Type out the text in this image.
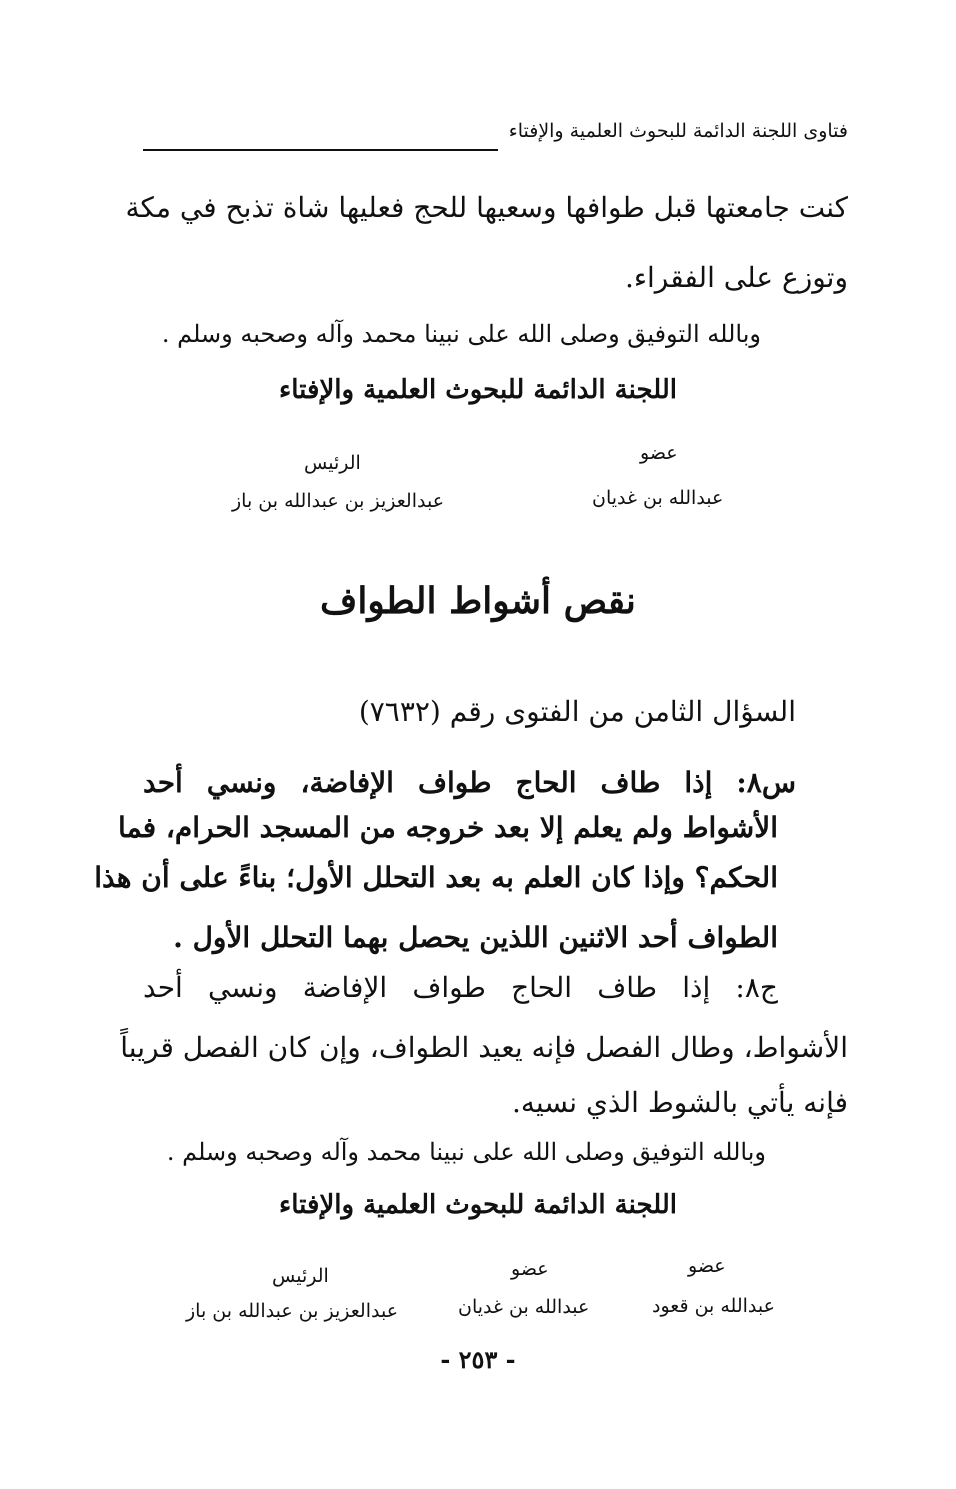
فتاوى اللجنة الدائمة للبحوث العلمية والإفتاء
كنت جامعتها قبل طوافها وسعيها للحج فعليها شاة تذبح في مكة
وتوزع على الفقراء.
وبالله التوفيق وصلى الله على نبينا محمد وآله وصحبه وسلم .
اللجنة الدائمة للبحوث العلمية والإفتاء
عضو
الرئيس
عبدالله بن غديان
عبدالعزيز بن عبدالله بن باز
نقص أشواط الطواف
السؤال الثامن من الفتوى رقم (٧٦٣٢)
س٨: إذا طاف الحاج طواف الإفاضة، ونسي أحد
الأشواط ولم يعلم إلا بعد خروجه من المسجد الحرام، فما
الحكم؟ وإذا كان العلم به بعد التحلل الأول؛ بناءً على أن هذا
الطواف أحد الاثنين اللذين يحصل بهما التحلل الأول .
ج٨: إذا طاف الحاج طواف الإفاضة ونسي أحد
الأشواط، وطال الفصل فإنه يعيد الطواف، وإن كان الفصل قريباً
فإنه يأتي بالشوط الذي نسيه.
وبالله التوفيق وصلى الله على نبينا محمد وآله وصحبه وسلم .
اللجنة الدائمة للبحوث العلمية والإفتاء
عضو
عضو
الرئيس
عبدالله بن قعود
عبدالله بن غديان
عبدالعزيز بن عبدالله بن باز
- ٢٥٣ -
